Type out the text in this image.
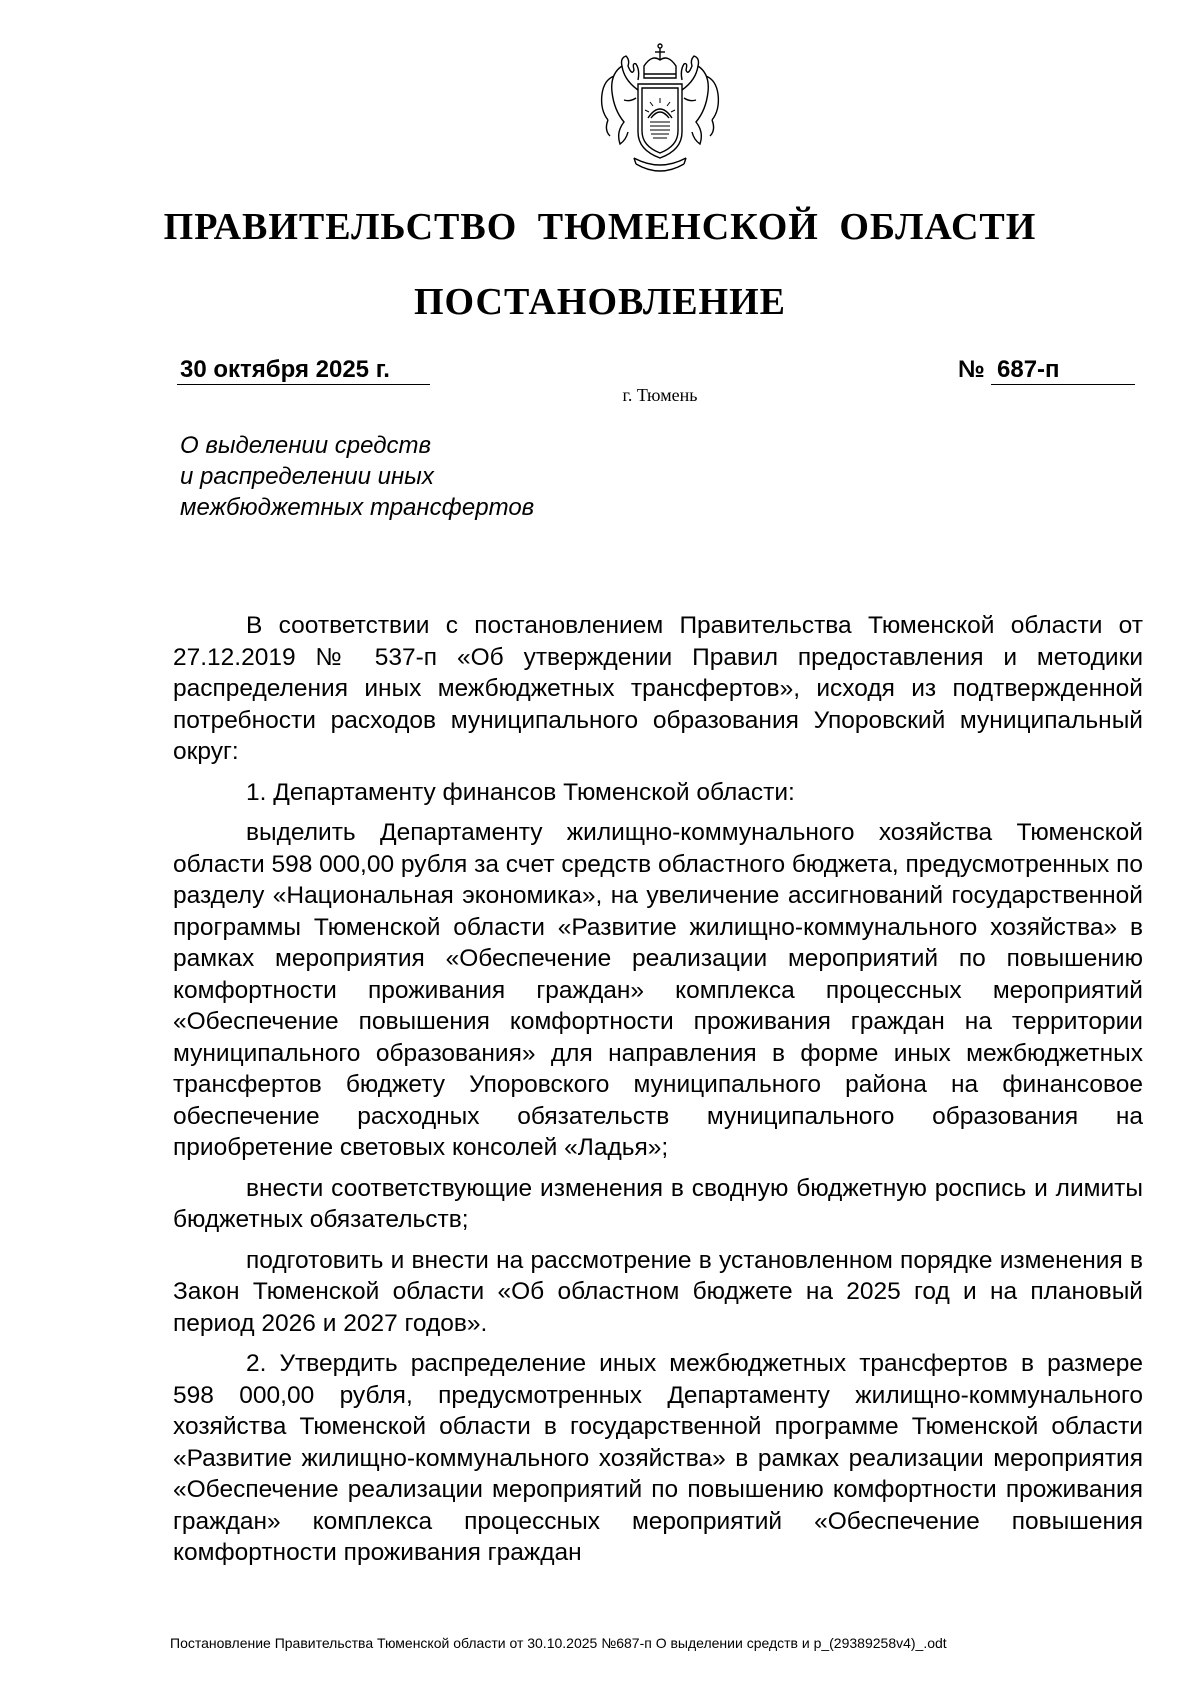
ПРАВИТЕЛЬСТВО ТЮМЕНСКОЙ ОБЛАСТИ
ПОСТАНОВЛЕНИЕ
30 октября 2025 г.	№ 687-п
г. Тюмень
О выделении средств
и распределении иных
межбюджетных трансфертов

В соответствии с постановлением Правительства Тюменской области от 27.12.2019 № 537-п «Об утверждении Правил предоставления и методики распределения иных межбюджетных трансфертов», исходя из подтвержденной потребности расходов муниципального образования Упоровский муниципальный округ:

1. Департаменту финансов Тюменской области:

выделить Департаменту жилищно-коммунального хозяйства Тюменской области 598 000,00 рубля за счет средств областного бюджета, предусмотренных по разделу «Национальная экономика», на увеличение ассигнований государственной программы Тюменской области «Развитие жилищно-коммунального хозяйства» в рамках мероприятия «Обеспечение реализации мероприятий по повышению комфортности проживания граждан» комплекса процессных мероприятий «Обеспечение повышения комфортности проживания граждан на территории муниципального образования» для направления в форме иных межбюджетных трансфертов бюджету Упоровского муниципального района на финансовое обеспечение расходных обязательств муниципального образования на приобретение световых консолей «Ладья»;

внести соответствующие изменения в сводную бюджетную роспись и лимиты бюджетных обязательств;

подготовить и внести на рассмотрение в установленном порядке изменения в Закон Тюменской области «Об областном бюджете на 2025 год и на плановый период 2026 и 2027 годов».

2. Утвердить распределение иных межбюджетных трансфертов в размере 598 000,00 рубля, предусмотренных Департаменту жилищно-коммунального хозяйства Тюменской области в государственной программе Тюменской области «Развитие жилищно-коммунального хозяйства» в рамках реализации мероприятия «Обеспечение реализации мероприятий по повышению комфортности проживания граждан» комплекса процессных мероприятий «Обеспечение повышения комфортности проживания граждан

Постановление Правительства Тюменской области от 30.10.2025 №687-п О выделении средств и р_(29389258v4)_.odt
